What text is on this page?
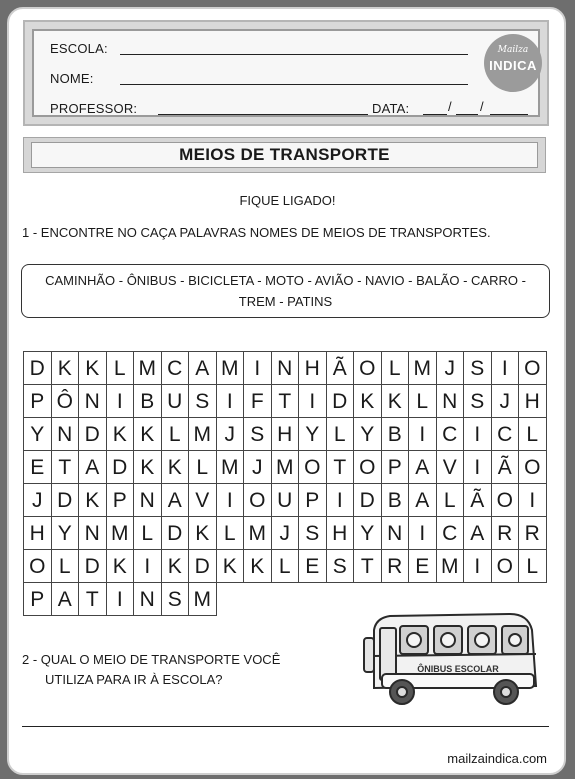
ESCOLA:
NOME:
PROFESSOR:	DATA:	/ /
Mailza
INDICA
MEIOS DE TRANSPORTE
FIQUE LIGADO!
1 - ENCONTRE NO CAÇA PALAVRAS NOMES DE MEIOS DE TRANSPORTES.
CAMINHÃO - ÔNIBUS - BICICLETA - MOTO - AVIÃO - NAVIO - BALÃO - CARRO -
TREM - PATINS
D K K L M C A M I N H Ã O L M J S I O
P Ô N I B U S I F T I D K K L N S J H
Y N D K K L M J S H Y L Y B I C I C L
E T A D K K L M J M O T O P A V I Ã O
J D K P N A V I O U P I D B A L Ã O I
H Y N M L D K L M J S H Y N I C A R R
O L D K I K D K K L E S T R E M I O L
P A T I N S M
2 - QUAL O MEIO DE TRANSPORTE VOCÊ
UTILIZA PARA IR À ESCOLA?
ÔNIBUS ESCOLAR
mailzaindica.com
